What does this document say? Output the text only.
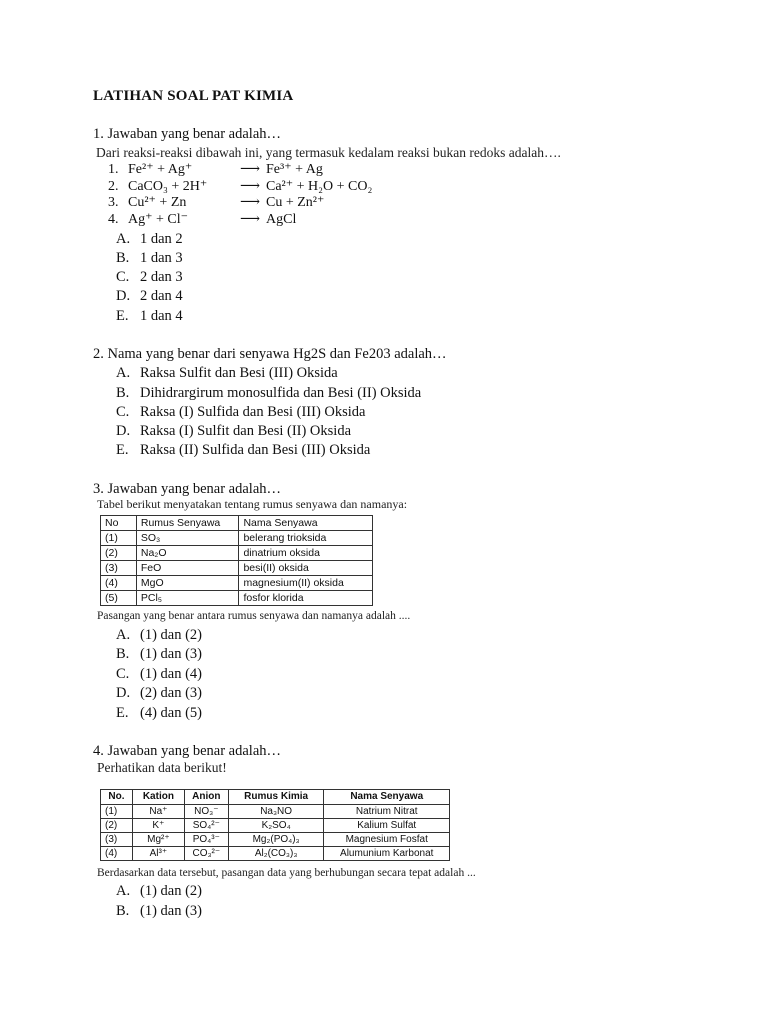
LATIHAN SOAL PAT KIMIA
1. Jawaban yang benar adalah…
Dari reaksi-reaksi dibawah ini, yang termasuk kedalam reaksi bukan redoks adalah….
1. Fe²⁺ + Ag⁺	⟶ Fe³⁺ + Ag
2. CaCO₃ + 2H⁺ ⟶ Ca²⁺ + H₂O + CO₂
3. Cu²⁺ + Zn	⟶ Cu + Zn²⁺
4. Ag⁺ + Cl⁻	⟶ AgCl
A. 1 dan 2
B. 1 dan 3
C. 2 dan 3
D. 2 dan 4
E. 1 dan 4
2. Nama yang benar dari senyawa Hg2S dan Fe203 adalah…
A. Raksa Sulfit dan Besi (III) Oksida
B. Dihidrargirum monosulfida dan Besi (II) Oksida
C. Raksa (I) Sulfida dan Besi (III) Oksida
D. Raksa (I) Sulfit dan Besi (II) Oksida
E. Raksa (II) Sulfida dan Besi (III) Oksida
3. Jawaban yang benar adalah…
Tabel berikut menyatakan tentang rumus senyawa dan namanya:
No	Rumus Senyawa	Nama Senyawa
(1)	SO₃	belerang trioksida
(2)	Na₂O	dinatrium oksida
(3)	FeO	besi(II) oksida
(4)	MgO	magnesium(II) oksida
(5)	PCl₅	fosfor klorida
Pasangan yang benar antara rumus senyawa dan namanya adalah ....
A. (1) dan (2)
B. (1) dan (3)
C. (1) dan (4)
D. (2) dan (3)
E. (4) dan (5)
4. Jawaban yang benar adalah…
Perhatikan data berikut!
No.	Kation	Anion	Rumus Kimia	Nama Senyawa
(1)	Na⁺	NO₃⁻	Na₃NO	Natrium Nitrat
(2)	K⁺	SO₄²⁻	K₂SO₄	Kalium Sulfat
(3)	Mg²⁺	PO₄³⁻	Mg₂(PO₄)₃	Magnesium Fosfat
(4)	Al³⁺	CO₃²⁻	Al₂(CO₃)₃	Alumunium Karbonat
Berdasarkan data tersebut, pasangan data yang berhubungan secara tepat adalah ...
A. (1) dan (2)
B. (1) dan (3)
